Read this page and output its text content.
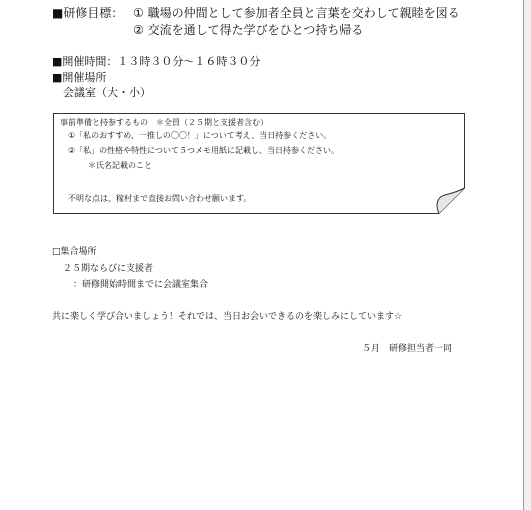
■研修目標： ① 職場の仲間として参加者全員と言葉を交わして親睦を図る
② 交流を通して得た学びをひとつ持ち帰る
■開催時間：１３時３０分～１６時３０分
■開催場所
会議室（大・小）
事前準備と持参するもの　＊全員（２５期と支援者含む）
①「私のおすすめ、一推しの〇〇！」について考え、当日持参ください。
②「私」の性格や特性について５つメモ用紙に記載し、当日持参ください。
＊氏名記載のこと
不明な点は、稼村まで直接お問い合わせ願います。
□集合場所
２５期ならびに支援者
：研修開始時間までに会議室集合
共に楽しく学び合いましょう！それでは、当日お会いできるのを楽しみにしています☆
５月　研修担当者一同
